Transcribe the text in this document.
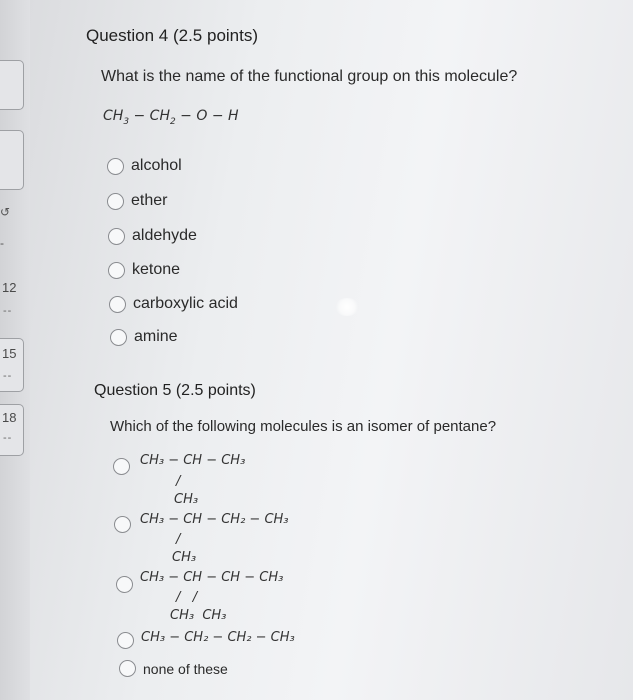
↺
-
12
--
15
--
18
--
Question 4 (2.5 points)
What is the name of the functional group on this molecule?
$CH_3 - CH_2 - O - H$
alcohol
ether
aldehyde
ketone
carboxylic acid
amine
Question 5 (2.5 points)
Which of the following molecules is an isomer of pentane?
CH₃ − CH − CH₃
/
CH₃
CH₃ − CH − CH₂ − CH₃
/
CH₃
CH₃ − CH − CH − CH₃
/   /
CH₃  CH₃
CH₃ − CH₂ − CH₂ − CH₃
none of these
